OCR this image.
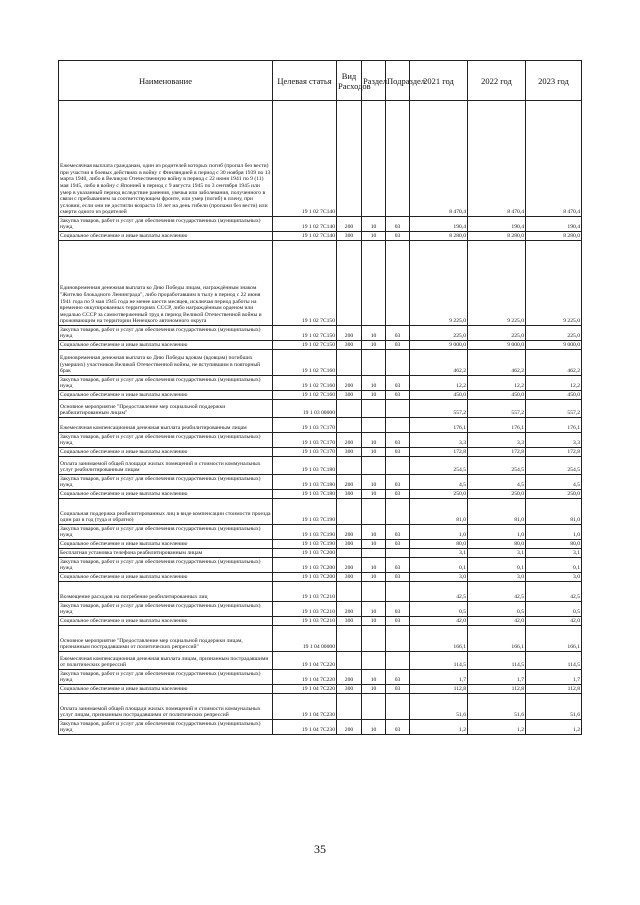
Наименование	Целевая статья	Вид Расходов	Раздел	Подраздел	2021 год	2022 год	2023 год
Ежемесячная выплата гражданам, один из родителей которых погиб (пропал без вести) при участии в боевых действиях в войну с Финляндией в период с 30 ноября 1939 по 13 марта 1940, либо в Великую Отечественную войну в период с 22 июня 1941 по 9 (11) мая 1945, либо в войну с Японией в период с 9 августа 1945 по 3 сентября 1945 или умер в указанный период вследствие ранения, увечья или заболевания, полученного в связи с пребыванием за соответствующем фронте, или умер (погиб) в плену, при условии, если они не достигли возраста 18 лет на день гибели (пропажи без вести) или смерти одного из родителей	19 1 02 7С140				8 470,4	8 470,4	8 470,4
Закупка товаров, работ и услуг для обеспечения государственных (муниципальных) нужд	19 1 02 7С140	200	10	03	190,4	190,4	190,4
Социальное обеспечение и иные выплаты населению	19 1 02 7С140	300	10	03	8 280,0	8 280,0	8 280,0
Единовременная денежная выплата ко Дню Победы лицам, награждённым знаком "Жителю блокадного Ленинграда", либо проработавшим в тылу в период с 22 июня 1941 года по 9 мая 1945 года не менее шести месяцев, исключая период работы на временно оккупированных территориях СССР, либо награждённым орденом или медалью СССР за самоотверженный труд в период Великой Отечественной войны и проживающим на территории Ненецкого автономного округа	19 1 02 7С150				9 225,0	9 225,0	9 225,0
Закупка товаров, работ и услуг для обеспечения государственных (муниципальных) нужд	19 1 02 7С150	200	10	03	225,0	225,0	225,0
Социальное обеспечение и иные выплаты населению	19 1 02 7С150	300	10	03	9 000,0	9 000,0	9 000,0
Единовременная денежная выплата ко Дню Победы вдовам (вдовцам) погибших (умерших) участников Великой Отечественной войны, не вступившим в повторный брак	19 1 02 7С160				462,2	462,2	462,2
Закупка товаров, работ и услуг для обеспечения государственных (муниципальных) нужд	19 1 02 7С160	200	10	03	12,2	12,2	12,2
Социальное обеспечение и иные выплаты населению	19 1 02 7С160	300	10	03	450,0	450,0	450,0
Основное мероприятие "Предоставление мер социальной поддержки реабилитированным лицам"	19 1 03 00000				557,2	557,2	557,2
Ежемесячная компенсационная денежная выплата реабилитированным лицам	19 1 03 7С170				176,1	176,1	176,1
Закупка товаров, работ и услуг для обеспечения государственных (муниципальных) нужд	19 1 03 7С170	200	10	03	3,3	3,3	3,3
Социальное обеспечение и иные выплаты населению	19 1 03 7С170	300	10	03	172,8	172,8	172,8
Оплата занимаемой общей площади жилых помещений и стоимости коммунальных услуг реабилитированным лицам	19 1 03 7С180				254,5	254,5	254,5
Закупка товаров, работ и услуг для обеспечения государственных (муниципальных) нужд	19 1 03 7С180	200	10	03	4,5	4,5	4,5
Социальное обеспечение и иные выплаты населению	19 1 03 7С180	300	10	03	250,0	250,0	250,0
Социальная поддержка реабилитированных лиц в виде компенсации стоимости проезда один раз в год (туда и обратно)	19 1 03 7С190				81,0	81,0	81,0
Закупка товаров, работ и услуг для обеспечения государственных (муниципальных) нужд	19 1 03 7С190	200	10	03	1,0	1,0	1,0
Социальное обеспечение и иные выплаты населению	19 1 03 7С190	300	10	03	80,0	80,0	80,0
Бесплатная установка телефона реабилитированным лицам	19 1 03 7С200				3,1	3,1	3,1
Закупка товаров, работ и услуг для обеспечения государственных (муниципальных) нужд	19 1 03 7С200	200	10	03	0,1	0,1	0,1
Социальное обеспечение и иные выплаты населению	19 1 03 7С200	300	10	03	3,0	3,0	3,0
Возмещение расходов на погребение реабилитированных лиц	19 1 03 7С210				42,5	42,5	42,5
Закупка товаров, работ и услуг для обеспечения государственных (муниципальных) нужд	19 1 03 7С210	200	10	03	0,5	0,5	0,5
Социальное обеспечение и иные выплаты населению	19 1 03 7С210	300	10	03	42,0	42,0	42,0
Основное мероприятие "Предоставление мер социальной поддержки лицам, признанным пострадавшими от политических репрессий"	19 1 04 00000				166,1	166,1	166,1
Ежемесячная компенсационная денежная выплата лицам, признанным пострадавшими от политических репрессий	19 1 04 7С220				114,5	114,5	114,5
Закупка товаров, работ и услуг для обеспечения государственных (муниципальных) нужд	19 1 04 7С220	200	10	03	1,7	1,7	1,7
Социальное обеспечение и иные выплаты населению	19 1 04 7С220	300	10	03	112,8	112,8	112,8
Оплата занимаемой общей площади жилых помещений и стоимости коммунальных услуг лицам, признанным пострадавшими от политических репрессий	19 1 04 7С230				51,6	51,6	51,6
Закупка товаров, работ и услуг для обеспечения государственных (муниципальных) нужд	19 1 04 7С230	200	10	03	1,2	1,2	1,2
35
